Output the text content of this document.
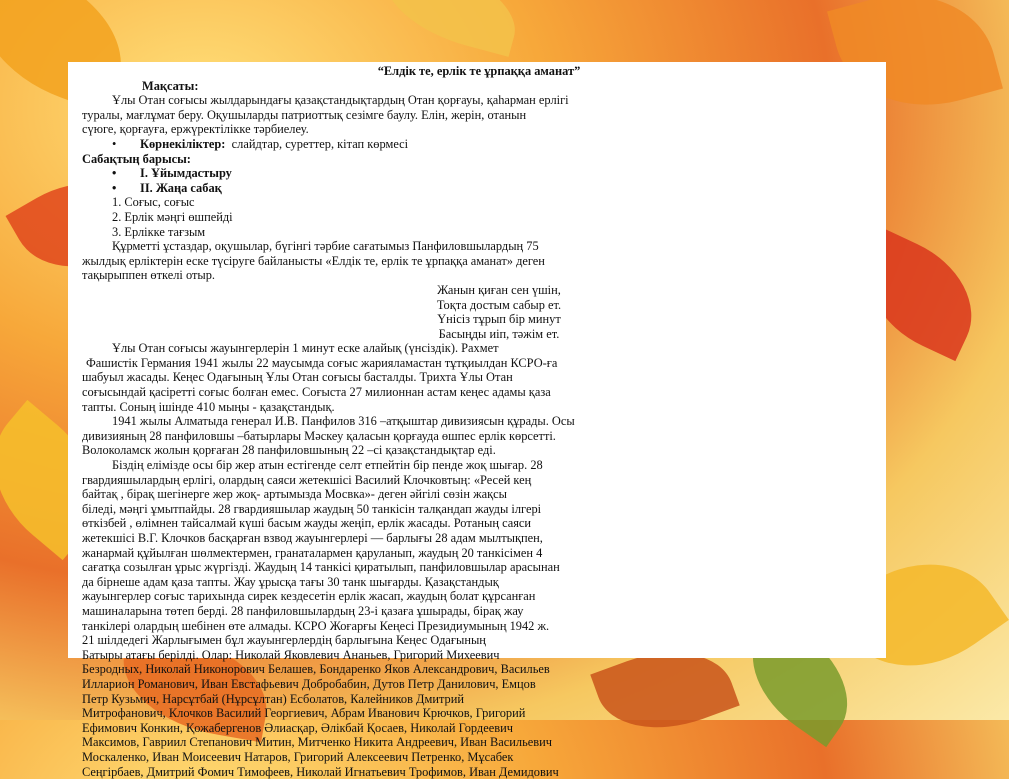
“Елдік те, ерлік те ұрпаққа аманат”

Мақсаты:

Ұлы Отан соғысы жылдарындағы қазақстандықтардың Отан қорғауы, қаһарман ерлігі

туралы, мағлұмат беру. Оқушыларды патриоттық сезімге баулу. Елін, жерін, отанын

сүюге, қорғауға, ержүректілікке тәрбиелеу.

• Көрнекіліктер: слайдтар, суреттер, кітап көрмесі

Сабақтың барысы:

• І. Ұйымдастыру

• ІІ. Жаңа сабақ

1. Соғыс, соғыс

2. Ерлік мәңгі өшпейді

3. Ерлікке тағзым

Құрметті ұстаздар, оқушылар, бүгінгі тәрбие сағатымыз Панфиловшылардың 75

жылдық ерліктерін еске түсіруге байланысты «Елдік те, ерлік те ұрпаққа аманат» деген

тақырыппен өткелі отыр.

Жанын қиған сен үшін,

Тоқта достым сабыр ет.

Үнісіз тұрып бір минут

Басыңды иіп, тәжім ет.

Ұлы Отан соғысы жауынгерлерін 1 минут еске алайық (үнсіздік). Рахмет

Фашистік Германия 1941 жылы 22 маусымда соғыс жарияламастан тұтқиылдан КСРО-ға

шабуыл жасады. Кеңес Одағының Ұлы Отан соғысы басталды. Трихта Ұлы Отан

соғысындай қасіретті соғыс болған емес. Соғыста 27 милионнан астам кеңес адамы қаза

тапты. Соның ішінде 410 мыңы - қазақстандық.

1941 жылы Алматыда генерал И.В. Панфилов 316 –атқыштар дивизиясын құрады. Осы

дивизияның 28 панфиловшы –батырлары Мәскеу қаласын қорғауда өшпес ерлік көрсетті.

Волоколамск жолын қорғаған 28 панфиловшының 22 –сі қазақстандықтар еді.

Біздің елімізде осы бір жер атын естігенде селт етпейтін бір пенде жоқ шығар. 28

гвардияшылардың ерлігі, олардың саяси жетекшісі Василий Клочковтың: «Ресей кең

байтақ , бірақ шегінерге жер жоқ- артымызда Мосвка»- деген әйгілі сөзін жақсы

біледі, мәңгі ұмытпайды. 28 гвардияшылар жаудың 50 танкісін талқандап жауды ілгері

өткізбей , өлімнен тайсалмай күші басым жауды жеңіп, ерлік жасады. Ротаның саяси

жетекшісі В.Г. Клочков басқарған взвод жауынгерлері — барлығы 28 адам мылтықпен,

жанармай құйылған шөлмектермен, гранаталармен қаруланып, жаудың 20 танкісімен 4

сағатқа созылған ұрыс жүргізді. Жаудың 14 танкісі қиратылып, панфиловшылар арасынан

да бірнеше адам қаза тапты. Жау ұрысқа тағы 30 танк шығарды. Қазақстандық

жауынгерлер соғыс тарихында сирек кездесетін ерлік жасап, жаудың болат құрсанған

машиналарына төтеп берді. 28 панфиловшылардың 23-і қазаға ұшырады, бірақ жау

танкілері олардың шебінен өте алмады. КСРО Жоғарғы Кеңесі Президиумының 1942 ж.

21 шілдедегі Жарлығымен бұл жауынгерлердің барлығына Кеңес Одағының

Батыры атағы берілді. Олар: Николай Яковлевич Ананьев, Григорий Михеевич

Безродных, Николай Никонорович Белашев, Бондаренко Яков Александрович, Васильев

Илларион Романович, Иван Евстафьевич Добробабин, Дутов Петр Данилович, Емцов

Петр Кузьмич, Нарсұтбай (Нұрсұлтан) Есболатов, Калейников Дмитрий

Митрофанович, Клочков Василий Георгиевич, Абрам Иванович Крючков, Григорий

Ефимович Конкин, Қожабергенов Әлиасқар, Әлікбай Қосаев, Николай Гордеевич

Максимов, Гавриил Степанович Митин, Митченко Никита Андреевич, Иван Васильевич

Москаленко, Иван Моисеевич Натаров, Григорий Алексеевич Петренко, Мұсабек

Сеңгірбаев, Дмитрий Фомич Тимофеев, Николай Игнатьевич Трофимов, Иван Демидович
